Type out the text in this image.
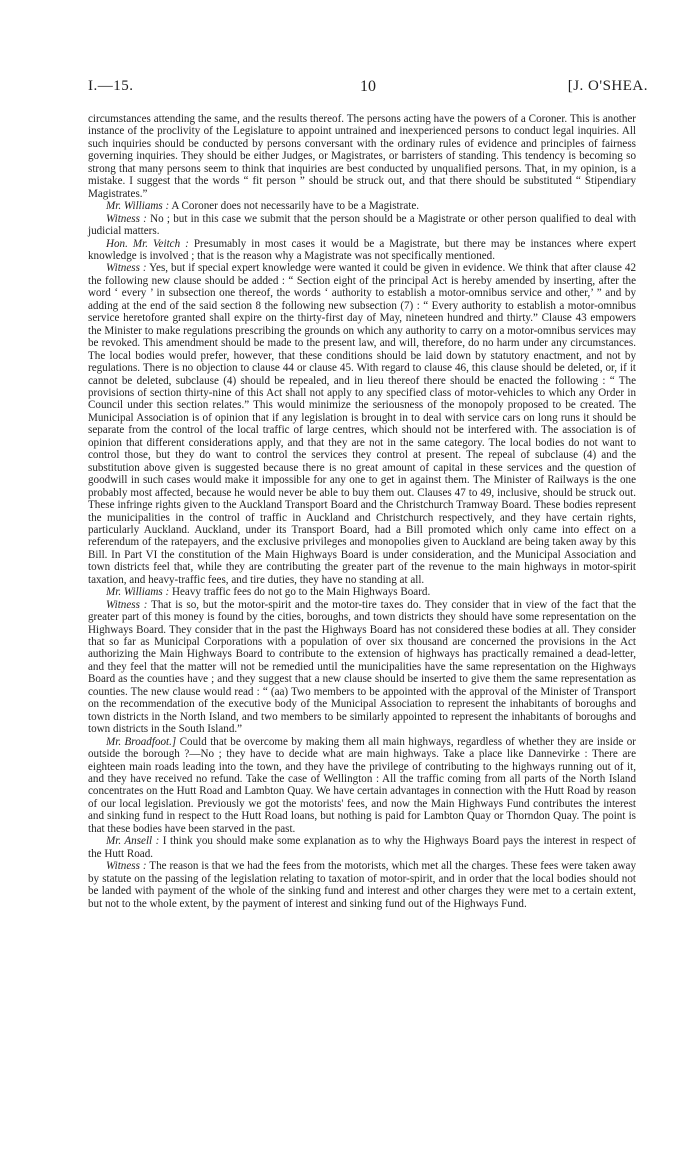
I.—15.	10	[J. O'SHEA.

circumstances attending the same, and the results thereof. The persons acting have the powers of a Coroner. This is another instance of the proclivity of the Legislature to appoint untrained and inexperienced persons to conduct legal inquiries. All such inquiries should be conducted by persons conversant with the ordinary rules of evidence and principles of fairness governing inquiries. They should be either Judges, or Magistrates, or barristers of standing. This tendency is becoming so strong that many persons seem to think that inquiries are best conducted by unqualified persons. That, in my opinion, is a mistake. I suggest that the words “ fit person ” should be struck out, and that there should be substituted “ Stipendiary Magistrates.”

Mr. Williams : A Coroner does not necessarily have to be a Magistrate.

Witness : No ; but in this case we submit that the person should be a Magistrate or other person qualified to deal with judicial matters.

Hon. Mr. Veitch : Presumably in most cases it would be a Magistrate, but there may be instances where expert knowledge is involved ; that is the reason why a Magistrate was not specifically mentioned.

Witness : Yes, but if special expert knowledge were wanted it could be given in evidence. We think that after clause 42 the following new clause should be added : “ Section eight of the principal Act is hereby amended by inserting, after the word ‘ every ’ in subsection one thereof, the words ‘ authority to establish a motor-omnibus service and other,’ ” and by adding at the end of the said section 8 the following new subsection (7) : “ Every authority to establish a motor-omnibus service heretofore granted shall expire on the thirty-first day of May, nineteen hundred and thirty.” Clause 43 empowers the Minister to make regulations prescribing the grounds on which any authority to carry on a motor-omnibus services may be revoked. This amendment should be made to the present law, and will, therefore, do no harm under any circumstances. The local bodies would prefer, however, that these conditions should be laid down by statutory enactment, and not by regulations. There is no objection to clause 44 or clause 45. With regard to clause 46, this clause should be deleted, or, if it cannot be deleted, subclause (4) should be repealed, and in lieu thereof there should be enacted the following : “ The provisions of section thirty-nine of this Act shall not apply to any specified class of motor-vehicles to which any Order in Council under this section relates.” This would minimize the seriousness of the monopoly proposed to be created. The Municipal Association is of opinion that if any legislation is brought in to deal with service cars on long runs it should be separate from the control of the local traffic of large centres, which should not be interfered with. The association is of opinion that different considerations apply, and that they are not in the same category. The local bodies do not want to control those, but they do want to control the services they control at present. The repeal of subclause (4) and the substitution above given is suggested because there is no great amount of capital in these services and the question of goodwill in such cases would make it impossible for any one to get in against them. The Minister of Railways is the one probably most affected, because he would never be able to buy them out. Clauses 47 to 49, inclusive, should be struck out. These infringe rights given to the Auckland Transport Board and the Christchurch Tramway Board. These bodies represent the municipalities in the control of traffic in Auckland and Christchurch respectively, and they have certain rights, particularly Auckland. Auckland, under its Transport Board, had a Bill promoted which only came into effect on a referendum of the ratepayers, and the exclusive privileges and monopolies given to Auckland are being taken away by this Bill. In Part VI the constitution of the Main Highways Board is under consideration, and the Municipal Association and town districts feel that, while they are contributing the greater part of the revenue to the main highways in motor-spirit taxation, and heavy-traffic fees, and tire duties, they have no standing at all.

Mr. Williams : Heavy traffic fees do not go to the Main Highways Board.

Witness : That is so, but the motor-spirit and the motor-tire taxes do. They consider that in view of the fact that the greater part of this money is found by the cities, boroughs, and town districts they should have some representation on the Highways Board. They consider that in the past the Highways Board has not considered these bodies at all. They consider that so far as Municipal Corporations with a population of over six thousand are concerned the provisions in the Act authorizing the Main Highways Board to contribute to the extension of highways has practically remained a dead-letter, and they feel that the matter will not be remedied until the municipalities have the same representation on the Highways Board as the counties have ; and they suggest that a new clause should be inserted to give them the same representation as counties. The new clause would read : “ (aa) Two members to be appointed with the approval of the Minister of Transport on the recommendation of the executive body of the Municipal Association to represent the inhabitants of boroughs and town districts in the North Island, and two members to be similarly appointed to represent the inhabitants of boroughs and town districts in the South Island.”

Mr. Broadfoot.] Could that be overcome by making them all main highways, regardless of whether they are inside or outside the borough ?—No ; they have to decide what are main highways. Take a place like Dannevirke : There are eighteen main roads leading into the town, and they have the privilege of contributing to the highways running out of it, and they have received no refund. Take the case of Wellington : All the traffic coming from all parts of the North Island concentrates on the Hutt Road and Lambton Quay. We have certain advantages in connection with the Hutt Road by reason of our local legislation. Previously we got the motorists' fees, and now the Main Highways Fund contributes the interest and sinking fund in respect to the Hutt Road loans, but nothing is paid for Lambton Quay or Thorndon Quay. The point is that these bodies have been starved in the past.

Mr. Ansell : I think you should make some explanation as to why the Highways Board pays the interest in respect of the Hutt Road.

Witness : The reason is that we had the fees from the motorists, which met all the charges. These fees were taken away by statute on the passing of the legislation relating to taxation of motor-spirit, and in order that the local bodies should not be landed with payment of the whole of the sinking fund and interest and other charges they were met to a certain extent, but not to the whole extent, by the payment of interest and sinking fund out of the Highways Fund.
